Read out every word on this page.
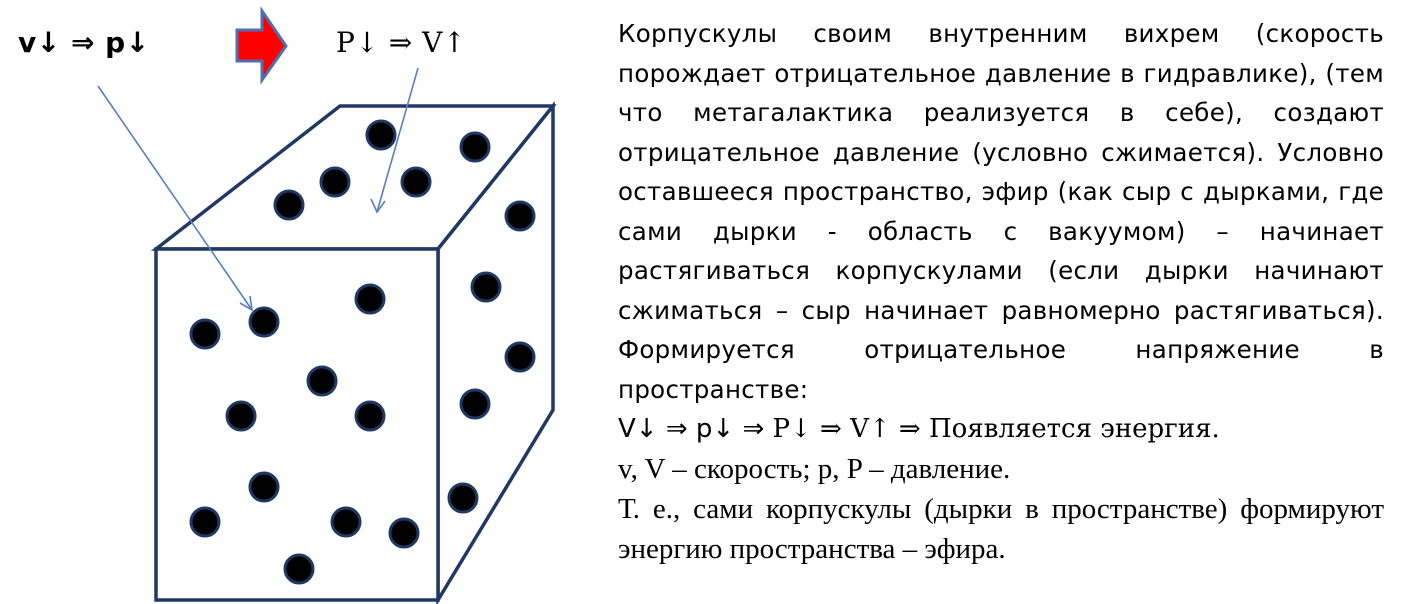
v↓ ⇒ p↓	P↓ ⇒ V↑	Корпускулы своим внутренним вихрем (скорость порождает отрицательное давление в гидравлике), (тем что метагалактика реализуется в себе), создают отрицательное давление (условно сжимается). Условно оставшееся пространство, эфир (как сыр с дырками, где сами дырки - область с вакуумом) – начинает растягиваться корпускулами (если дырки начинают сжиматься – сыр начинает равномерно растягиваться). Формируется отрицательное напряжение в пространстве:
V↓ ⇒ p↓ ⇒ P↓ ⇒ V↑ ⇒ Появляется энергия.
v, V – скорость; p, P – давление.
Т. е., сами корпускулы (дырки в пространстве) формируют энергию пространства – эфира.
